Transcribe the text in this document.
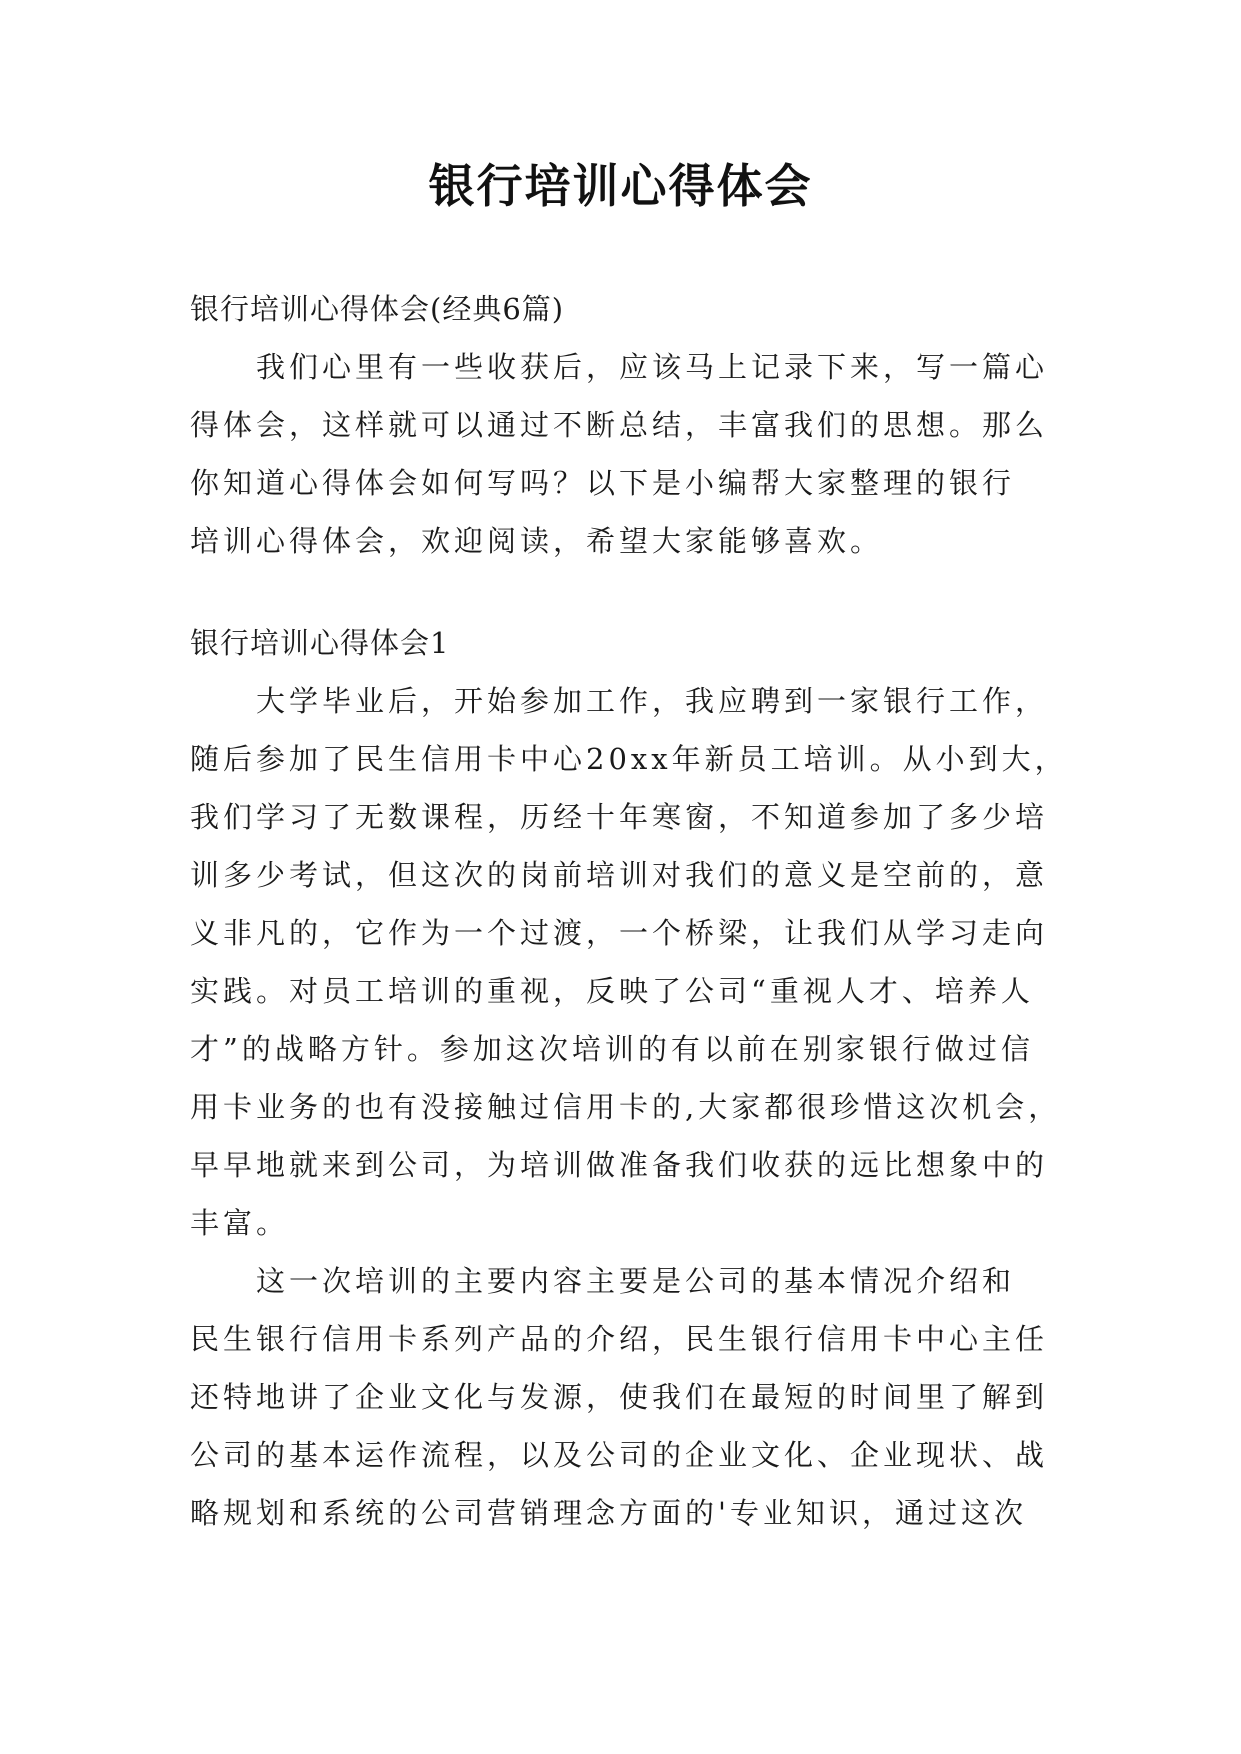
银行培训心得体会
银行培训心得体会(经典6篇)
我们心里有一些收获后，应该马上记录下来，写一篇心
得体会，这样就可以通过不断总结，丰富我们的思想。那么
你知道心得体会如何写吗？以下是小编帮大家整理的银行
培训心得体会，欢迎阅读，希望大家能够喜欢。
银行培训心得体会1
大学毕业后，开始参加工作，我应聘到一家银行工作，
随后参加了民生信用卡中心20xx年新员工培训。从小到大，
我们学习了无数课程，历经十年寒窗，不知道参加了多少培
训多少考试，但这次的岗前培训对我们的意义是空前的，意
义非凡的，它作为一个过渡，一个桥梁，让我们从学习走向
实践。对员工培训的重视，反映了公司“重视人才、培养人
才”的战略方针。参加这次培训的有以前在别家银行做过信
用卡业务的也有没接触过信用卡的,大家都很珍惜这次机会，
早早地就来到公司，为培训做准备我们收获的远比想象中的
丰富。
这一次培训的主要内容主要是公司的基本情况介绍和
民生银行信用卡系列产品的介绍，民生银行信用卡中心主任
还特地讲了企业文化与发源，使我们在最短的时间里了解到
公司的基本运作流程，以及公司的企业文化、企业现状、战
略规划和系统的公司营销理念方面的'专业知识，通过这次
